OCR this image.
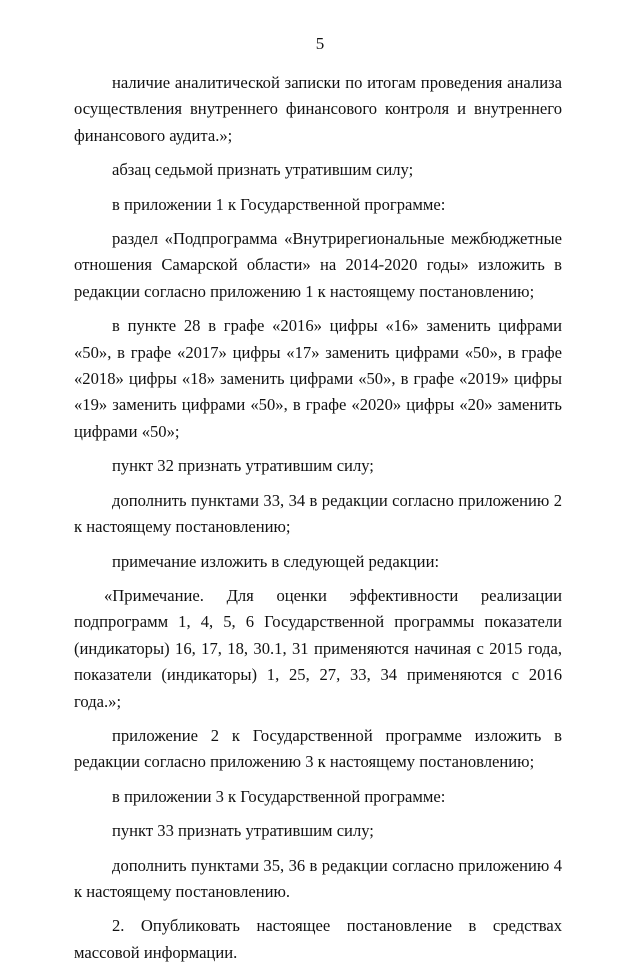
5

наличие аналитической записки по итогам проведения анализа осуществления внутреннего финансового контроля и внутреннего финансового аудита.»;

абзац седьмой признать утратившим силу;

в приложении 1 к Государственной программе:

раздел «Подпрограмма «Внутрирегиональные межбюджетные отношения Самарской области» на 2014-2020 годы» изложить в редакции согласно приложению 1 к настоящему постановлению;

в пункте 28 в графе «2016» цифры «16» заменить цифрами «50», в графе «2017» цифры «17» заменить цифрами «50», в графе «2018» цифры «18» заменить цифрами «50», в графе «2019» цифры «19» заменить цифрами «50», в графе «2020» цифры «20» заменить цифрами «50»;

пункт 32 признать утратившим силу;

дополнить пунктами 33, 34 в редакции согласно приложению 2 к настоящему постановлению;

примечание изложить в следующей редакции:

«Примечание. Для оценки эффективности реализации подпрограмм 1, 4, 5, 6 Государственной программы показатели (индикаторы) 16, 17, 18, 30.1, 31 применяются начиная с 2015 года, показатели (индикаторы) 1, 25, 27, 33, 34 применяются с 2016 года.»;

приложение 2 к Государственной программе изложить в редакции согласно приложению 3 к настоящему постановлению;

в приложении 3 к Государственной программе:

пункт 33 признать утратившим силу;

дополнить пунктами 35, 36 в редакции согласно приложению 4 к настоящему постановлению.

2. Опубликовать настоящее постановление в средствах массовой информации.
